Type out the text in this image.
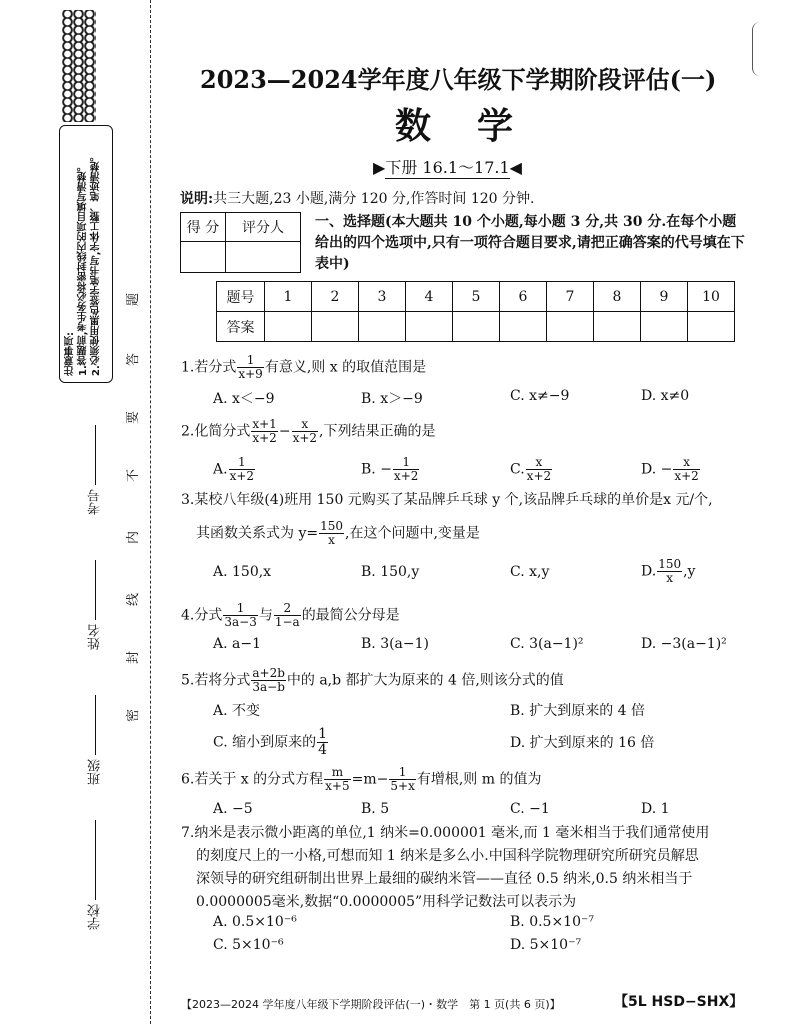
注意事项: 1.答题前,考生务必将密封线内的项目填写清楚。 2.必须使用黑色签字笔书写,字体工整、笔迹清楚。	题
答
要
不
内
线
封
密
考号
姓名
班级
学校
2023—2024学年度八年级下学期阶段评估(一)
数学
▶下册 16.1～17.1◀
说明:共三大题,23 小题,满分 120 分,作答时间 120 分钟.
得 分	评分人
	一、选择题(本大题共 10 个小题,每小题 3 分,共 30 分.在每个小题给出的四个选项中,只有一项符合题目要求,请把正确答案的代号填在下表中)
题号	1	2	3	4	5	6	7	8	9	10
答案										
1.若分式 $\frac{1}{x+9}$ 有意义,则 x 的取值范围是
A. x＜−9	B. x＞−9	C. x≠−9	D. x≠0
2.化简分式 $\frac{x+1}{x+2} - \frac{x}{x+2}$ ,下列结果正确的是
A. $\frac{1}{x+2}$	B. − $\frac{1}{x+2}$	C. $\frac{x}{x+2}$	D. − $\frac{x}{x+2}$
3.某校八年级(4)班用 150 元购买了某品牌乒乓球 y 个,该品牌乒乓球的单价是x 元/个,
其函数关系式为 $y= \frac{150}{x}$ ,在这个问题中,变量是
A. 150,x	B. 150,y	C. x,y	D. $\frac{150}{x} ,y$
4.分式 $\frac{1}{3a-3}$ 与 $\frac{2}{1-a}$ 的最简公分母是
A. a−1	B. 3(a−1)	C. 3(a−1)²	D. −3(a−1)²
5.若将分式 $\frac{a+2b}{3a-b}$ 中的 a,b 都扩大为原来的 4 倍,则该分式的值
A. 不变	B. 扩大到原来的 4 倍
C. 缩小到原来的 $\frac{1}{4}$	D. 扩大到原来的 16 倍
6.若关于 x 的分式方程 $\frac{m}{x+5} =m- \frac{1}{5+x}$ 有增根,则 m 的值为
A. −5	B. 5	C. −1	D. 1
7.纳米是表示微小距离的单位,1 纳米=0.000001 毫米,而 1 毫米相当于我们通常使用
的刻度尺上的一小格,可想而知 1 纳米是多么小.中国科学院物理研究所研究员解思
深领导的研究组研制出世界上最细的碳纳米管——直径 0.5 纳米,0.5 纳米相当于
0.0000005毫米,数据“0.0000005”用科学记数法可以表示为
A. 0.5×10⁻⁶	B. 0.5×10⁻⁷
C. 5×10⁻⁶	D. 5×10⁻⁷
【2023—2024 学年度八年级下学期阶段评估(一)・数学　第 1 页(共 6 页)】	【5L HSD−SHX】
